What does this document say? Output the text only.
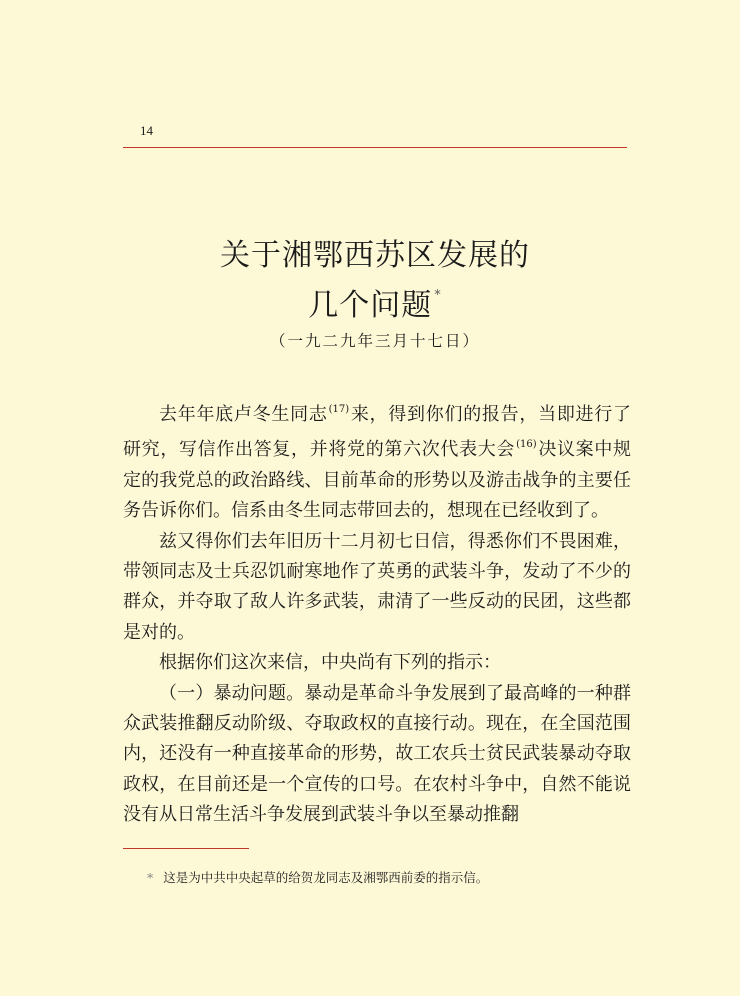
14
关于湘鄂西苏区发展的
几个问题 *
（一九二九年三月十七日）

去年年底卢冬生同志$^{(17)}$来，得到你们的报告，当即进行了研究，写信作出答复，并将党的第六次代表大会$^{(16)}$决议案中规定的我党总的政治路线、目前革命的形势以及游击战争的主要任务告诉你们。信系由冬生同志带回去的，想现在已经收到了。

兹又得你们去年旧历十二月初七日信，得悉你们不畏困难，带领同志及士兵忍饥耐寒地作了英勇的武装斗争，发动了不少的群众，并夺取了敌人许多武装，肃清了一些反动的民团，这些都是对的。

根据你们这次来信，中央尚有下列的指示：

（一）暴动问题。暴动是革命斗争发展到了最高峰的一种群众武装推翻反动阶级、夺取政权的直接行动。现在，在全国范围内，还没有一种直接革命的形势，故工农兵士贫民武装暴动夺取政权，在目前还是一个宣传的口号。在农村斗争中，自然不能说没有从日常生活斗争发展到武装斗争以至暴动推翻

* 这是为中共中央起草的给贺龙同志及湘鄂西前委的指示信。
